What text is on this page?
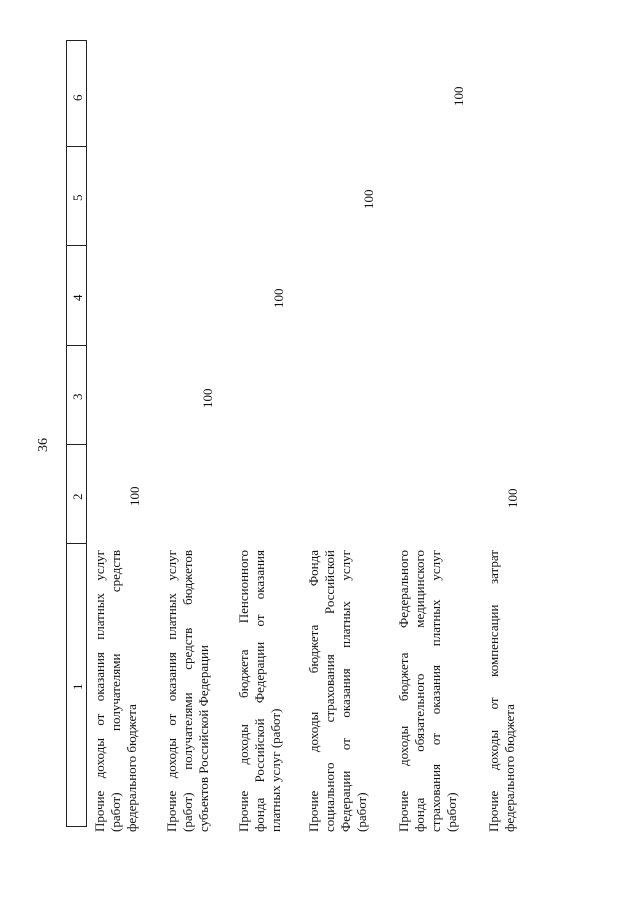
36
1
2
3
4
5
6
Прочие доходы от оказания платных услуг (работ) получателями средств федерального бюджета
100
Прочие доходы от оказания платных услуг (работ) получателями средств бюджетов субъектов Российской Федерации
100
Прочие доходы бюджета Пенсионного фонда Российской Федерации от оказания платных услуг (работ)
100
Прочие доходы бюджета Фонда социального страхования Российской Федерации от оказания платных услуг (работ)
100
Прочие доходы бюджета Федерального фонда обязательного медицинского страхования от оказания платных услуг (работ)
100
Прочие доходы от компенсации затрат федерального бюджета
100
